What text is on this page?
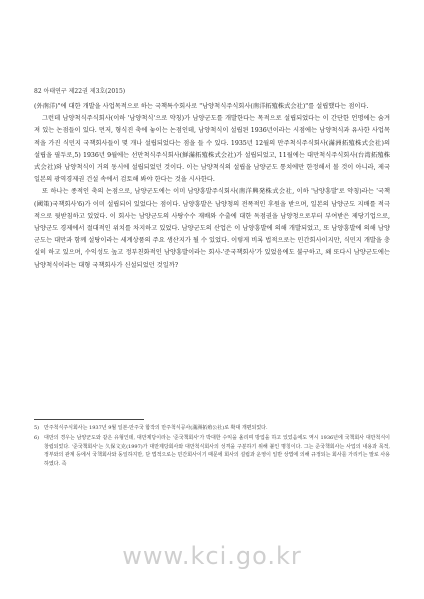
82 아태연구 제22권 제3호(2015)

(外南洋)"에 대한 개발을 사업목적으로 하는 국책특수회사로 "남양척식주식회사(南洋拓殖株式会社)"를 설립했다는 점이다.

그런데 남양척식주식회사(이하 '남양척식'으로 약칭)가 남양군도를 개발한다는 목적으로 설립되었다는 이 간단한 언명에는 숨겨져 있는 논점들이 있다. 먼저, 형식진 축에 놓이는 논점인데, 남양척식이 설립된 1936년이라는 시점에는 남양척식과 유사한 사업목적을 가진 식민지 국책회사들이 몇 개나 설립되었다는 점을 들 수 있다. 1935년 12월의 만주척식주식회사(滿洲拓殖株式会社)의 설립을 필두로,5) 1936년 9월에는 선만척식주식회사(鮮滿拓殖株式会社)가 설립되었고, 11월에는 대만척식주식회사(台湾拓殖株式会社)와 남양척식이 거의 동시에 설립되었던 것이다. 이는 남양척식의 설립을 남양군도 통치에만 한정해서 볼 것이 아니라, 제국일본의 광역경제권 건설 속에서 검토해 봐야 한다는 것을 시사한다.

또 하나는 종적인 축의 논점으로, 남양군도에는 이미 남양흥발주식회사(南洋興発株式会社, 이하 '남양흥발'로 약칭)라는 '국책(國策)국책회사'6)가 이미 설립되어 있었다는 점이다. 남양흥발은 남양청의 전폭적인 후원을 받으며, 일본의 남양군도 지배를 적극적으로 뒷받침하고 있었다. 이 회사는 남양군도의 사탕수수 재배와 수출에 대한 독점권을 남양청으로부터 부여받은 제당기업으로, 남양군도 경제에서 절대적인 위치를 차지하고 있었다. 남양군도의 산업은 이 남양흥발에 의해 개발되었고, 또 남양흥발에 의해 남양군도는 대만과 함께 설탕이라는 세계상품의 주요 생산지가 될 수 있었다. 이렇게 비록 법적으로는 민간회사이지만, 식민지 개발을 충실히 하고 있으며, 수익성도 높고 정부친화적인 남양흥발이라는 회사-'준국책회사'가 있었음에도 불구하고, 왜 또다시 남양군도에는 남양척식이라는 대형 국책회사가 신설되었던 것일까?

5) 만주척식주식회사는 1937년 9월 일본-만주국 합작의 만주척식공사(滿洲拓殖公社)로 확대 개편되었다.
6) 대만의 경우는 남양군도와 같은 유형인데, 대만제당이라는 '준국책회사'가 박대한 수익을 올리며 방업을 하고 있었음에도 역시 1936년에 국책회사 대만척식이 창립되었다. '준국책회사'는 久保文克(1997)가 대만제당회사와 대만척식회사의 성격을 구분하기 위해 붙인 명칭이다. 그는 준국책회사는 사업의 내용과 목적, 정부와의 관계 등에서 국책회사와 동일하지만, 단 법적으로는 민간회사이기 때문에 회사의 설립과 운영이 일반 상법에 의해 규정되는 회사를 가리키는 말로 사용하였다. 즉
www.kci.go.kr
